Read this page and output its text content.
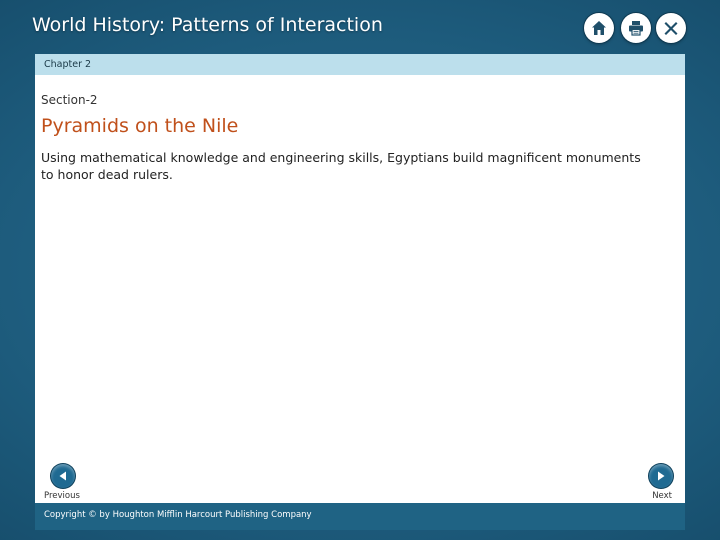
World History: Patterns of Interaction
Chapter 2
Section-2
Pyramids on the Nile
Using mathematical knowledge and engineering skills, Egyptians build magnificent monuments to honor dead rulers.
Previous	Next
Copyright © by Houghton Mifflin Harcourt Publishing Company
